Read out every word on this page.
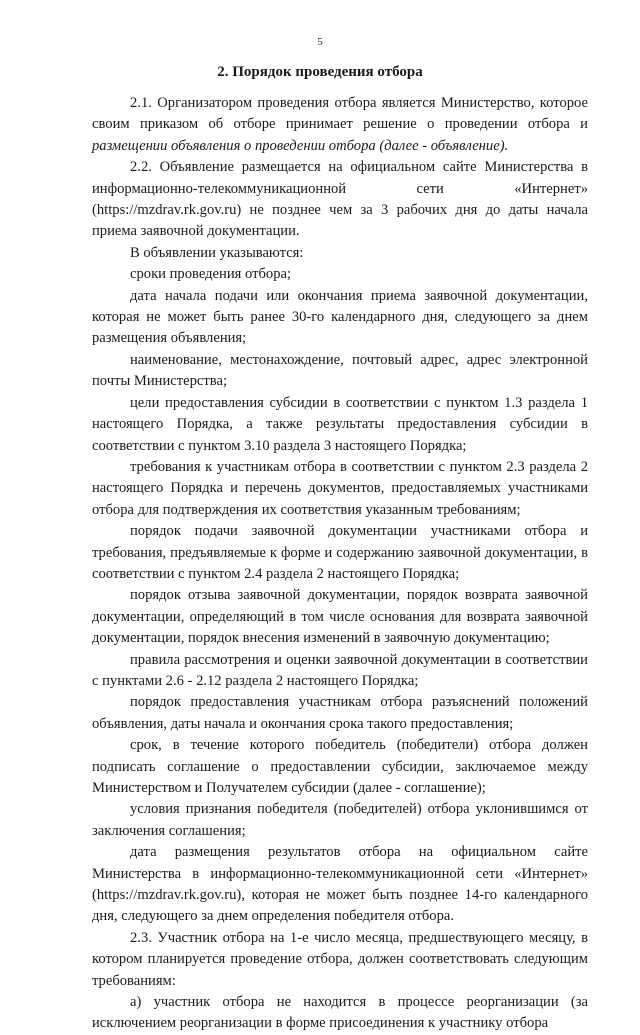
5
2. Порядок проведения отбора

2.1. Организатором проведения отбора является Министерство, которое своим приказом об отборе принимает решение о проведении отбора и размещении объявления о проведении отбора (далее - объявление).

2.2. Объявление размещается на официальном сайте Министерства в информационно-телекоммуникационной сети «Интернет» (https://mzdrav.rk.gov.ru) не позднее чем за 3 рабочих дня до даты начала приема заявочной документации.

В объявлении указываются:

сроки проведения отбора;

дата начала подачи или окончания приема заявочной документации, которая не может быть ранее 30-го календарного дня, следующего за днем размещения объявления;

наименование, местонахождение, почтовый адрес, адрес электронной почты Министерства;

цели предоставления субсидии в соответствии с пунктом 1.3 раздела 1 настоящего Порядка, а также результаты предоставления субсидии в соответствии с пунктом 3.10 раздела 3 настоящего Порядка;

требования к участникам отбора в соответствии с пунктом 2.3 раздела 2 настоящего Порядка и перечень документов, предоставляемых участниками отбора для подтверждения их соответствия указанным требованиям;

порядок подачи заявочной документации участниками отбора и требования, предъявляемые к форме и содержанию заявочной документации, в соответствии с пунктом 2.4 раздела 2 настоящего Порядка;

порядок отзыва заявочной документации, порядок возврата заявочной документации, определяющий в том числе основания для возврата заявочной документации, порядок внесения изменений в заявочную документацию;

правила рассмотрения и оценки заявочной документации в соответствии с пунктами 2.6 - 2.12 раздела 2 настоящего Порядка;

порядок предоставления участникам отбора разъяснений положений объявления, даты начала и окончания срока такого предоставления;

срок, в течение которого победитель (победители) отбора должен подписать соглашение о предоставлении субсидии, заключаемое между Министерством и Получателем субсидии (далее - соглашение);

условия признания победителя (победителей) отбора уклонившимся от заключения соглашения;

дата размещения результатов отбора на официальном сайте Министерства в информационно-телекоммуникационной сети «Интернет» (https://mzdrav.rk.gov.ru), которая не может быть позднее 14-го календарного дня, следующего за днем определения победителя отбора.

2.3. Участник отбора на 1-е число месяца, предшествующего месяцу, в котором планируется проведение отбора, должен соответствовать следующим требованиям:

а) участник отбора не находится в процессе реорганизации (за исключением реорганизации в форме присоединения к участнику отбора
